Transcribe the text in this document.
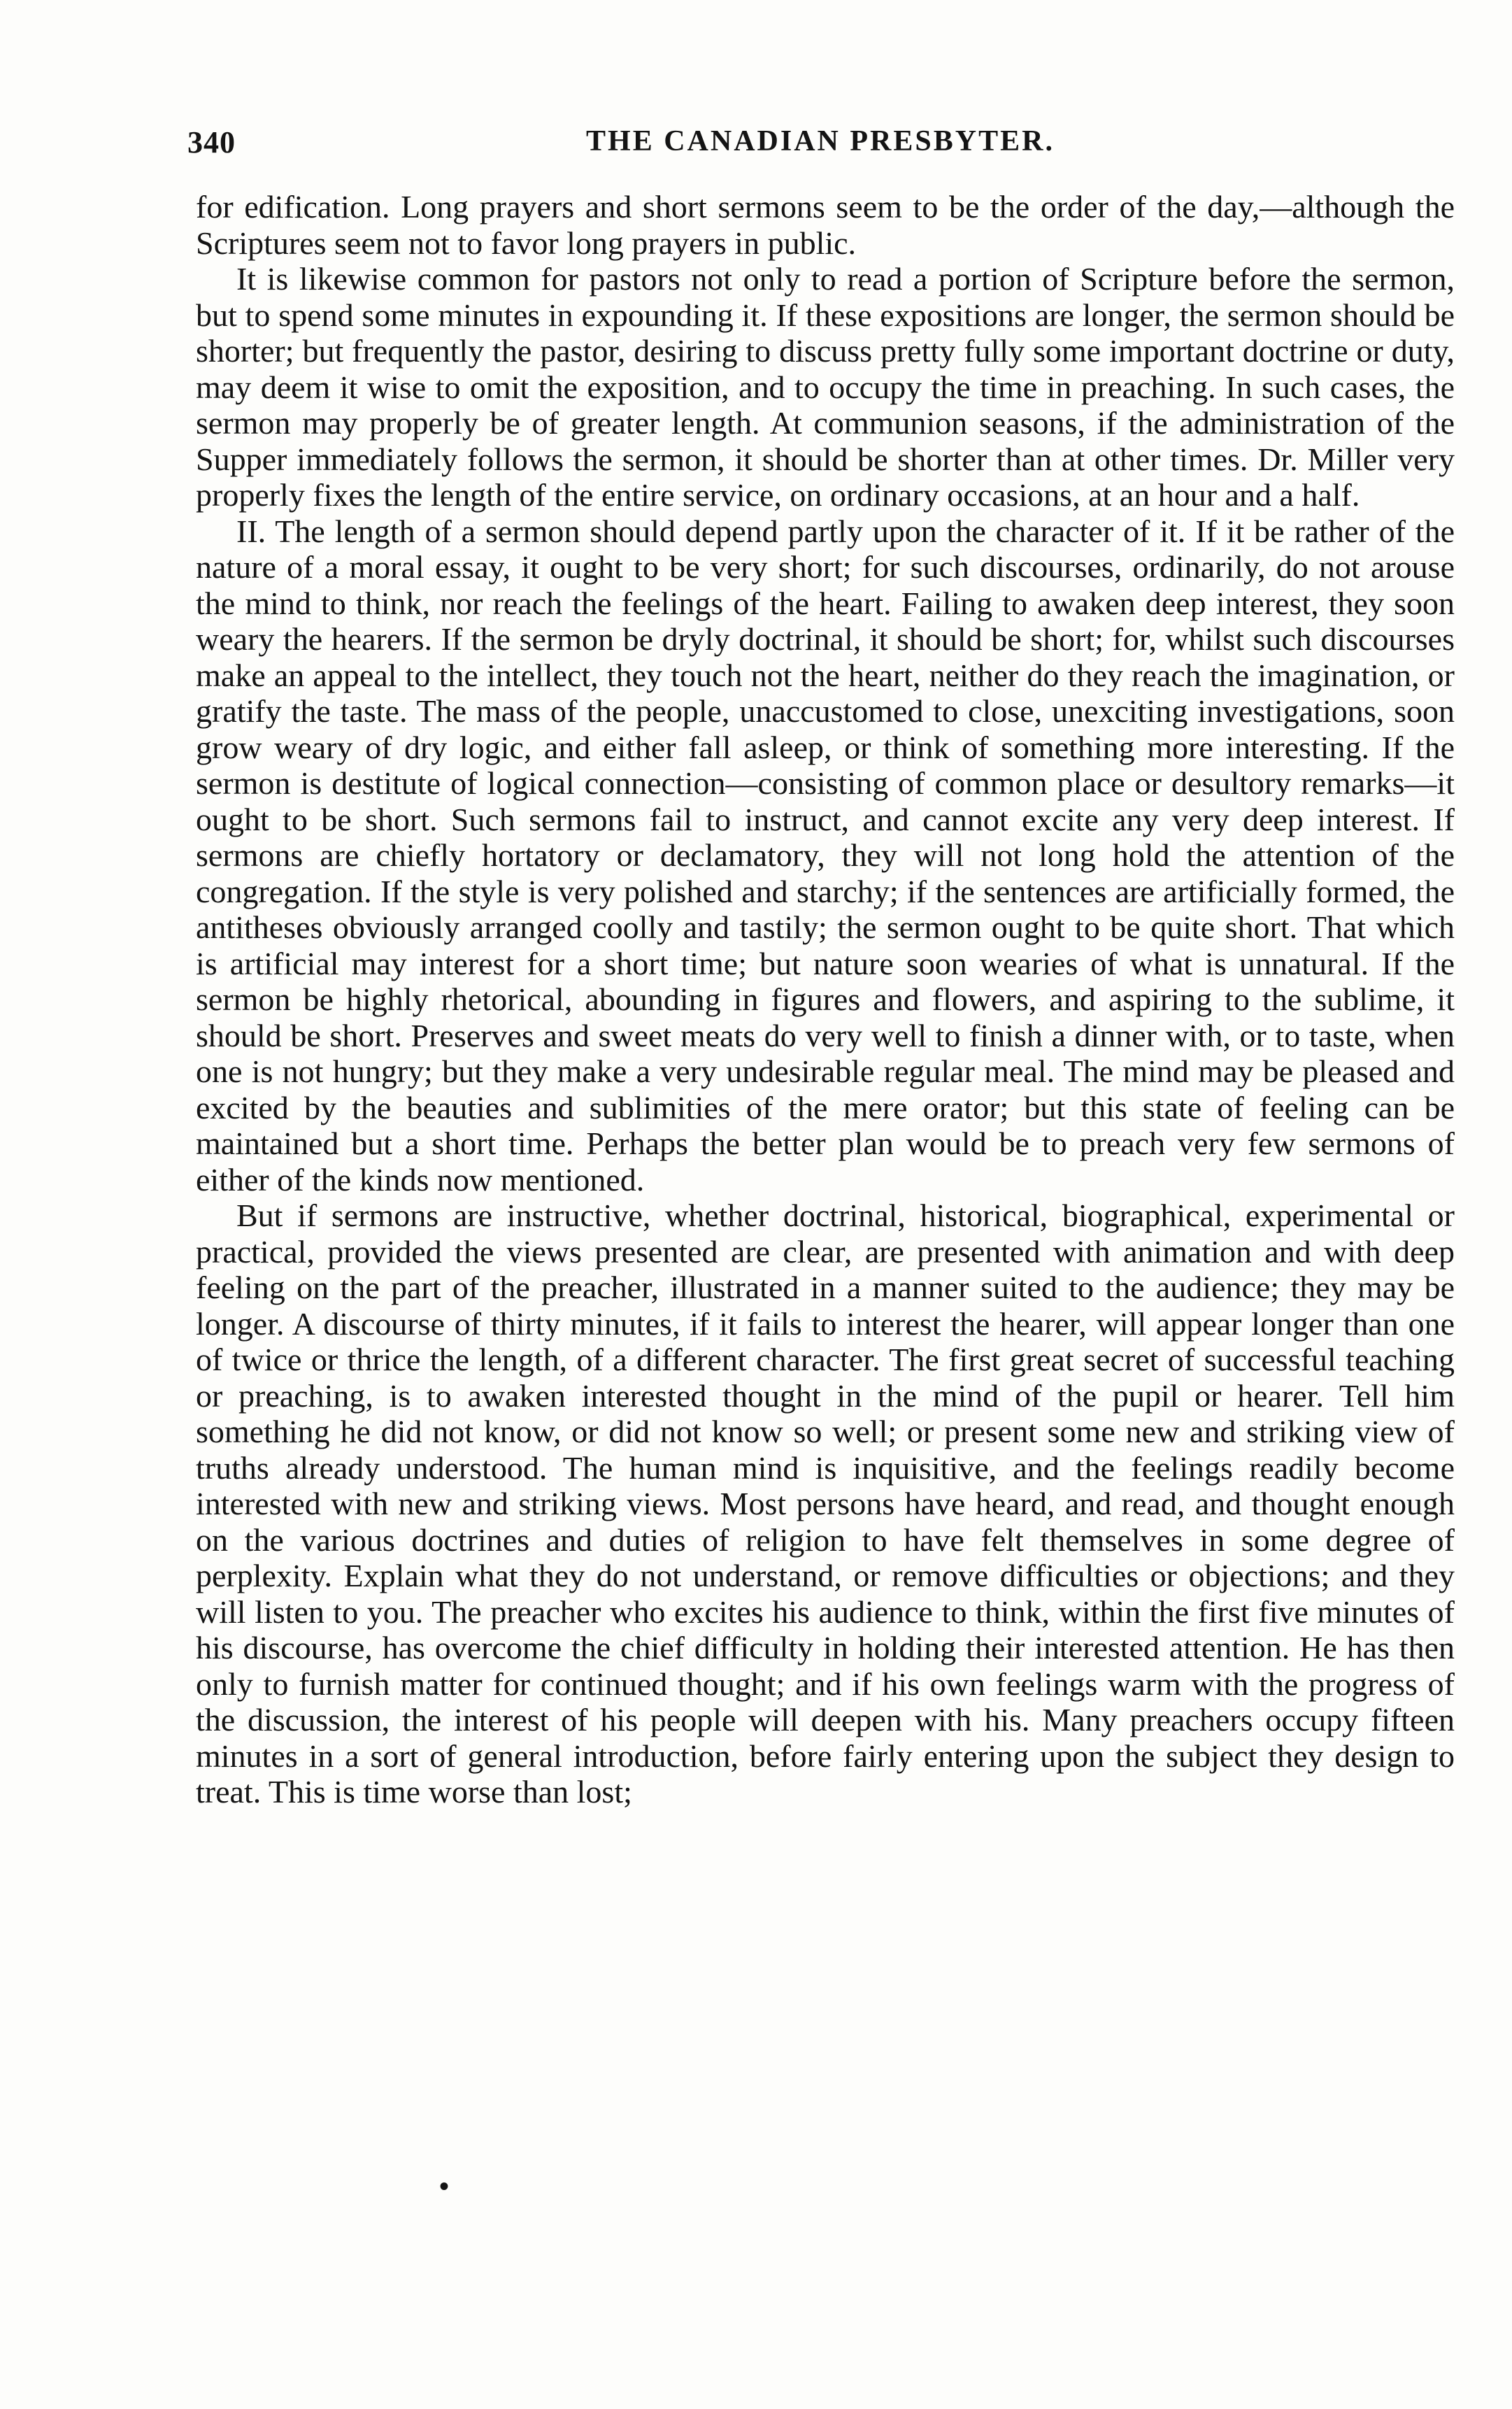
340	THE CANADIAN PRESBYTER.

for edification. Long prayers and short sermons seem to be the order of the day,—although the Scriptures seem not to favor long prayers in public.

It is likewise common for pastors not only to read a portion of Scripture before the sermon, but to spend some minutes in expounding it. If these expositions are longer, the sermon should be shorter; but frequently the pastor, desiring to discuss pretty fully some important doctrine or duty, may deem it wise to omit the exposition, and to occupy the time in preaching. In such cases, the sermon may properly be of greater length. At communion seasons, if the administration of the Supper immediately follows the sermon, it should be shorter than at other times. Dr. Miller very properly fixes the length of the entire service, on ordinary occasions, at an hour and a half.

II. The length of a sermon should depend partly upon the character of it. If it be rather of the nature of a moral essay, it ought to be very short; for such discourses, ordinarily, do not arouse the mind to think, nor reach the feelings of the heart. Failing to awaken deep interest, they soon weary the hearers. If the sermon be dryly doctrinal, it should be short; for, whilst such discourses make an appeal to the intellect, they touch not the heart, neither do they reach the imagination, or gratify the taste. The mass of the people, unaccustomed to close, unexciting investigations, soon grow weary of dry logic, and either fall asleep, or think of something more interesting. If the sermon is destitute of logical connection—consisting of common place or desultory remarks—it ought to be short. Such sermons fail to instruct, and cannot excite any very deep interest. If sermons are chiefly hortatory or declamatory, they will not long hold the attention of the congregation. If the style is very polished and starchy; if the sentences are artificially formed, the antitheses obviously arranged coolly and tastily; the sermon ought to be quite short. That which is artificial may interest for a short time; but nature soon wearies of what is unnatural. If the sermon be highly rhetorical, abounding in figures and flowers, and aspiring to the sublime, it should be short. Preserves and sweet meats do very well to finish a dinner with, or to taste, when one is not hungry; but they make a very undesirable regular meal. The mind may be pleased and excited by the beauties and sublimities of the mere orator; but this state of feeling can be maintained but a short time. Perhaps the better plan would be to preach very few sermons of either of the kinds now mentioned.

But if sermons are instructive, whether doctrinal, historical, biographical, experimental or practical, provided the views presented are clear, are presented with animation and with deep feeling on the part of the preacher, illustrated in a manner suited to the audience; they may be longer. A discourse of thirty minutes, if it fails to interest the hearer, will appear longer than one of twice or thrice the length, of a different character. The first great secret of successful teaching or preaching, is to awaken interested thought in the mind of the pupil or hearer. Tell him something he did not know, or did not know so well; or present some new and striking view of truths already understood. The human mind is inquisitive, and the feelings readily become interested with new and striking views. Most persons have heard, and read, and thought enough on the various doctrines and duties of religion to have felt themselves in some degree of perplexity. Explain what they do not understand, or remove difficulties or objections; and they will listen to you. The preacher who excites his audience to think, within the first five minutes of his discourse, has overcome the chief difficulty in holding their interested attention. He has then only to furnish matter for continued thought; and if his own feelings warm with the progress of the discussion, the interest of his people will deepen with his. Many preachers occupy fifteen minutes in a sort of general introduction, before fairly entering upon the subject they design to treat. This is time worse than lost;

•
